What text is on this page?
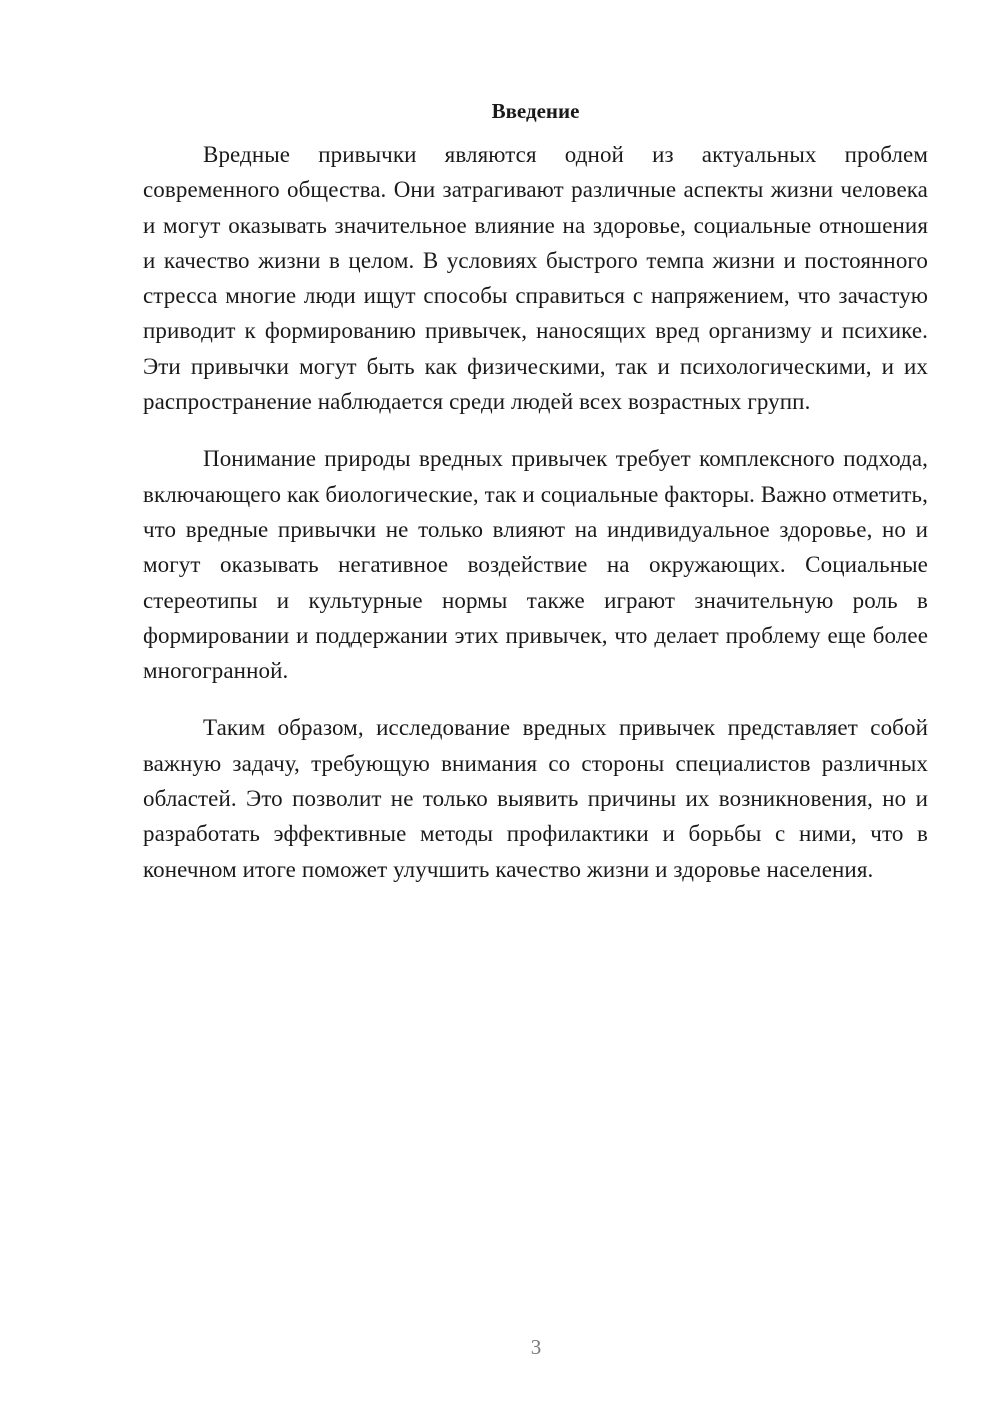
Введение

Вредные привычки являются одной из актуальных проблем современного общества. Они затрагивают различные аспекты жизни человека и могут оказывать значительное влияние на здоровье, социальные отношения и качество жизни в целом. В условиях быстрого темпа жизни и постоянного стресса многие люди ищут способы справиться с напряжением, что зачастую приводит к формированию привычек, наносящих вред организму и психике. Эти привычки могут быть как физическими, так и психологическими, и их распространение наблюдается среди людей всех возрастных групп.

Понимание природы вредных привычек требует комплексного подхода, включающего как биологические, так и социальные факторы. Важно отметить, что вредные привычки не только влияют на индивидуальное здоровье, но и могут оказывать негативное воздействие на окружающих. Социальные стереотипы и культурные нормы также играют значительную роль в формировании и поддержании этих привычек, что делает проблему еще более многогранной.

Таким образом, исследование вредных привычек представляет собой важную задачу, требующую внимания со стороны специалистов различных областей. Это позволит не только выявить причины их возникновения, но и разработать эффективные методы профилактики и борьбы с ними, что в конечном итоге поможет улучшить качество жизни и здоровье населения.

3
